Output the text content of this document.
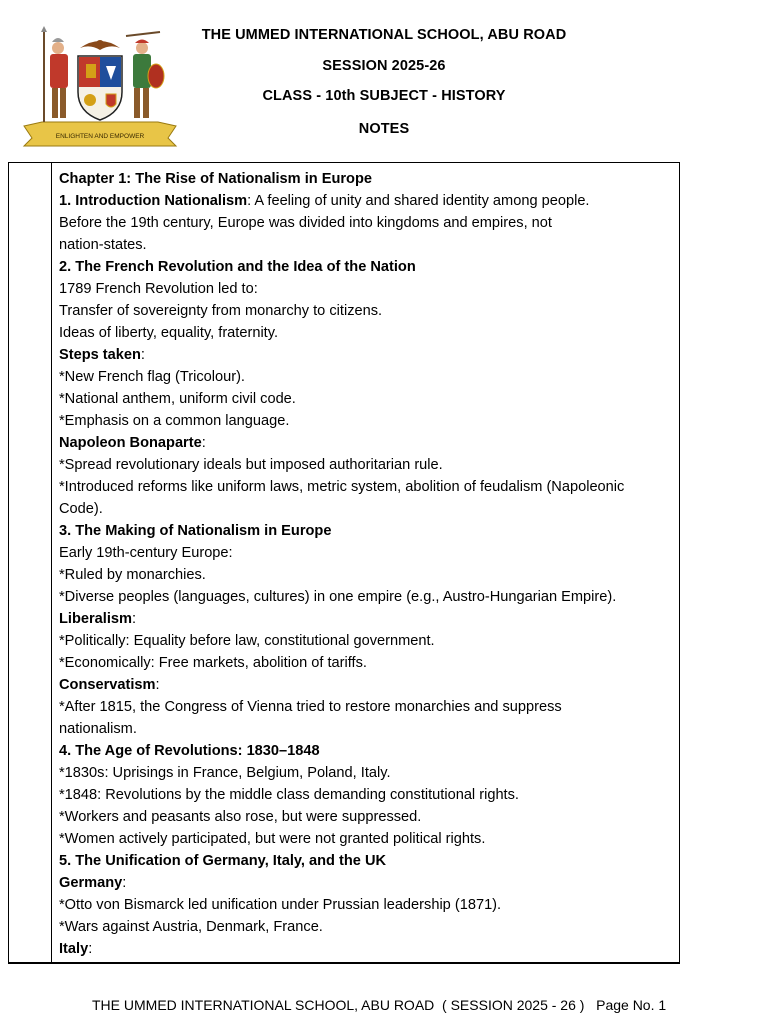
ENLIGHTEN AND EMPOWER
THE UMMED INTERNATIONAL SCHOOL, ABU ROAD
SESSION 2025-26
CLASS - 10th SUBJECT - HISTORY
NOTES
Chapter 1: The Rise of Nationalism in Europe
1. Introduction Nationalism: A feeling of unity and shared identity among people.
Before the 19th century, Europe was divided into kingdoms and empires, not
nation-states.
2. The French Revolution and the Idea of the Nation
1789 French Revolution led to:
Transfer of sovereignty from monarchy to citizens.
Ideas of liberty, equality, fraternity.
Steps taken:
*New French flag (Tricolour).
*National anthem, uniform civil code.
*Emphasis on a common language.
Napoleon Bonaparte:
*Spread revolutionary ideals but imposed authoritarian rule.
*Introduced reforms like uniform laws, metric system, abolition of feudalism (Napoleonic
Code).
3. The Making of Nationalism in Europe
Early 19th-century Europe:
*Ruled by monarchies.
*Diverse peoples (languages, cultures) in one empire (e.g., Austro-Hungarian Empire).
Liberalism:
*Politically: Equality before law, constitutional government.
*Economically: Free markets, abolition of tariffs.
Conservatism:
*After 1815, the Congress of Vienna tried to restore monarchies and suppress
nationalism.
4. The Age of Revolutions: 1830–1848
*1830s: Uprisings in France, Belgium, Poland, Italy.
*1848: Revolutions by the middle class demanding constitutional rights.
*Workers and peasants also rose, but were suppressed.
*Women actively participated, but were not granted political rights.
5. The Unification of Germany, Italy, and the UK
Germany:
*Otto von Bismarck led unification under Prussian leadership (1871).
*Wars against Austria, Denmark, France.
Italy:
THE UMMED INTERNATIONAL SCHOOL, ABU ROAD  ( SESSION 2025 - 26 )   Page No. 1
